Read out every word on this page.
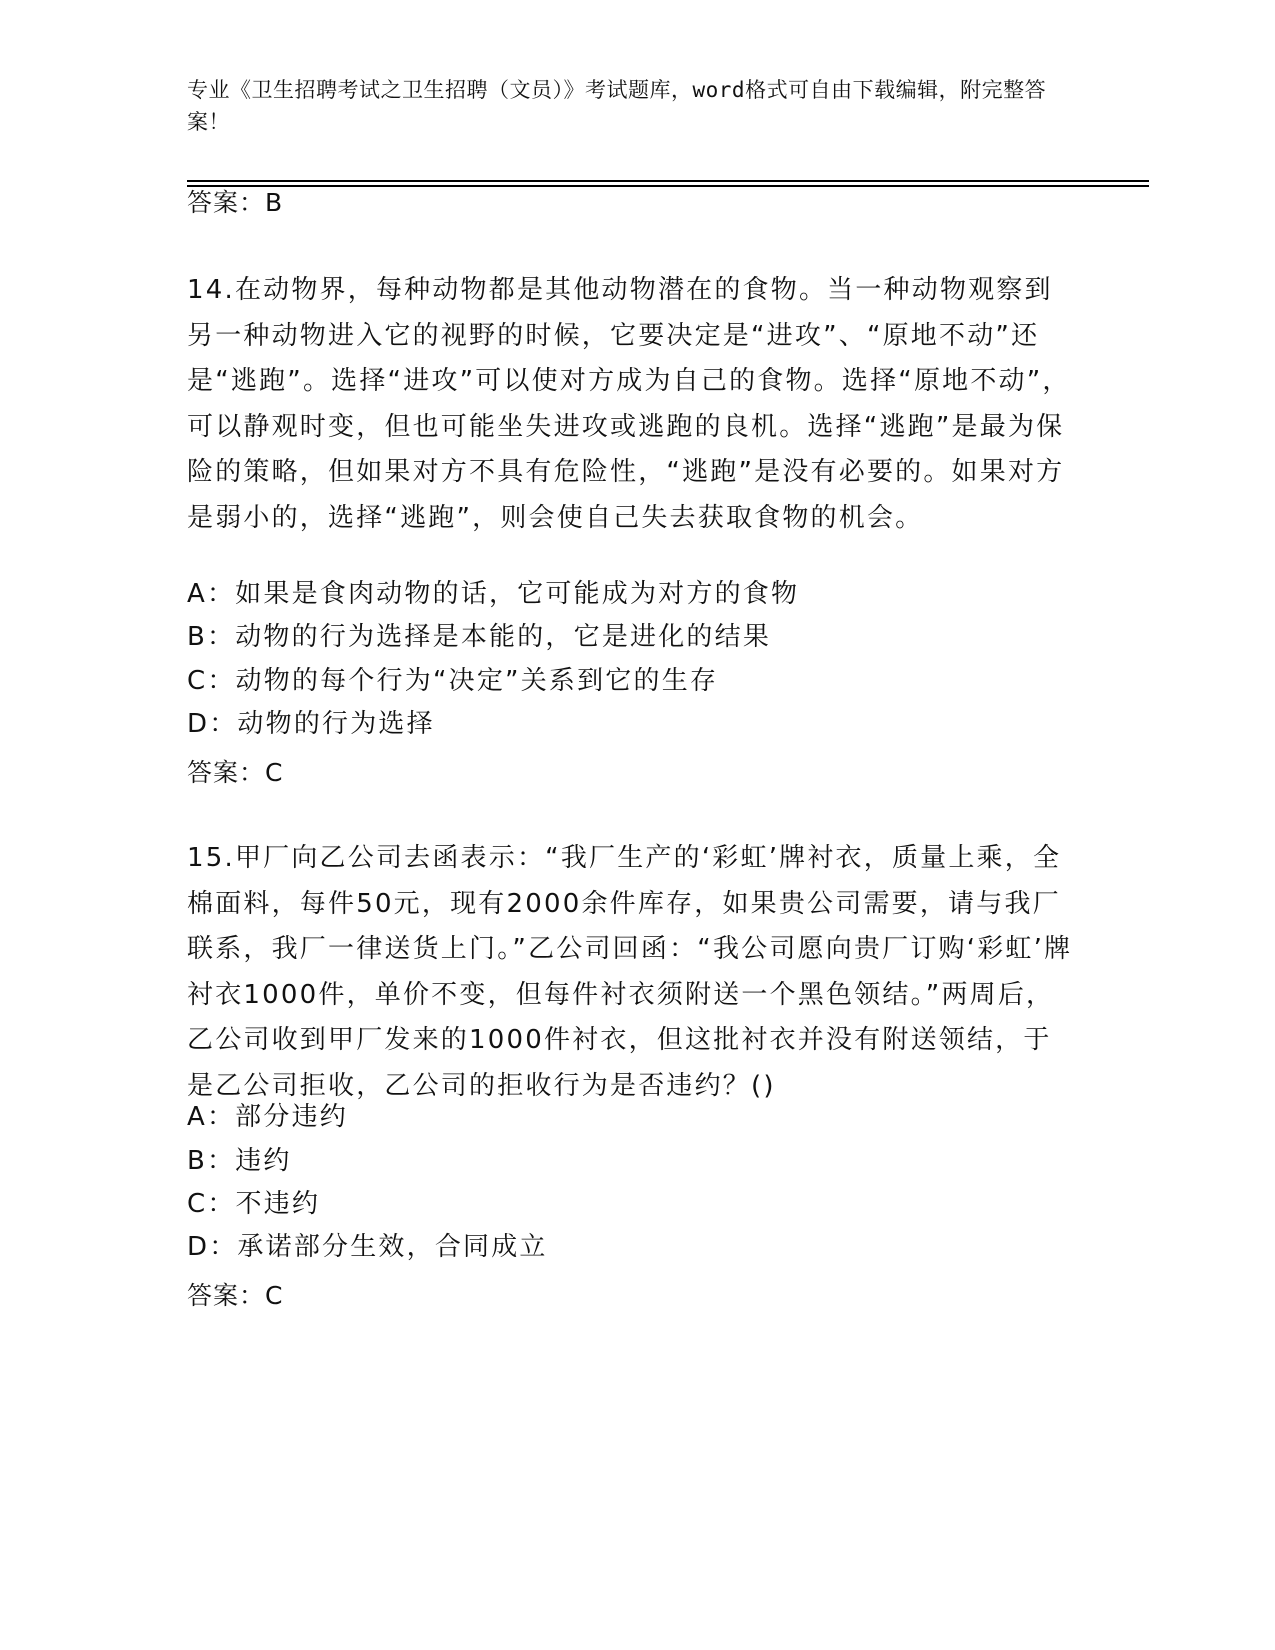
专业《卫生招聘考试之卫生招聘（文员）》考试题库，word格式可自由下载编辑，附完整答案！
答案：B
14.在动物界，每种动物都是其他动物潜在的食物。当一种动物观察到另一种动物进入它的视野的时候，它要决定是“进攻”、“原地不动”还是“逃跑”。选择“进攻”可以使对方成为自己的食物。选择“原地不动”，可以静观时变，但也可能坐失进攻或逃跑的良机。选择“逃跑”是最为保险的策略，但如果对方不具有危险性，“逃跑”是没有必要的。如果对方是弱小的，选择“逃跑”，则会使自己失去获取食物的机会。
A：如果是食肉动物的话，它可能成为对方的食物
B：动物的行为选择是本能的，它是进化的结果
C：动物的每个行为“决定”关系到它的生存
D：动物的行为选择
答案：C
15.甲厂向乙公司去函表示：“我厂生产的‘彩虹’牌衬衣，质量上乘，全棉面料，每件50元，现有2000余件库存，如果贵公司需要，请与我厂联系，我厂一律送货上门。”乙公司回函：“我公司愿向贵厂订购‘彩虹’牌衬衣1000件，单价不变，但每件衬衣须附送一个黑色领结。”两周后，乙公司收到甲厂发来的1000件衬衣，但这批衬衣并没有附送领结，于是乙公司拒收，乙公司的拒收行为是否违约？()
A：部分违约
B：违约
C：不违约
D：承诺部分生效，合同成立
答案：C
